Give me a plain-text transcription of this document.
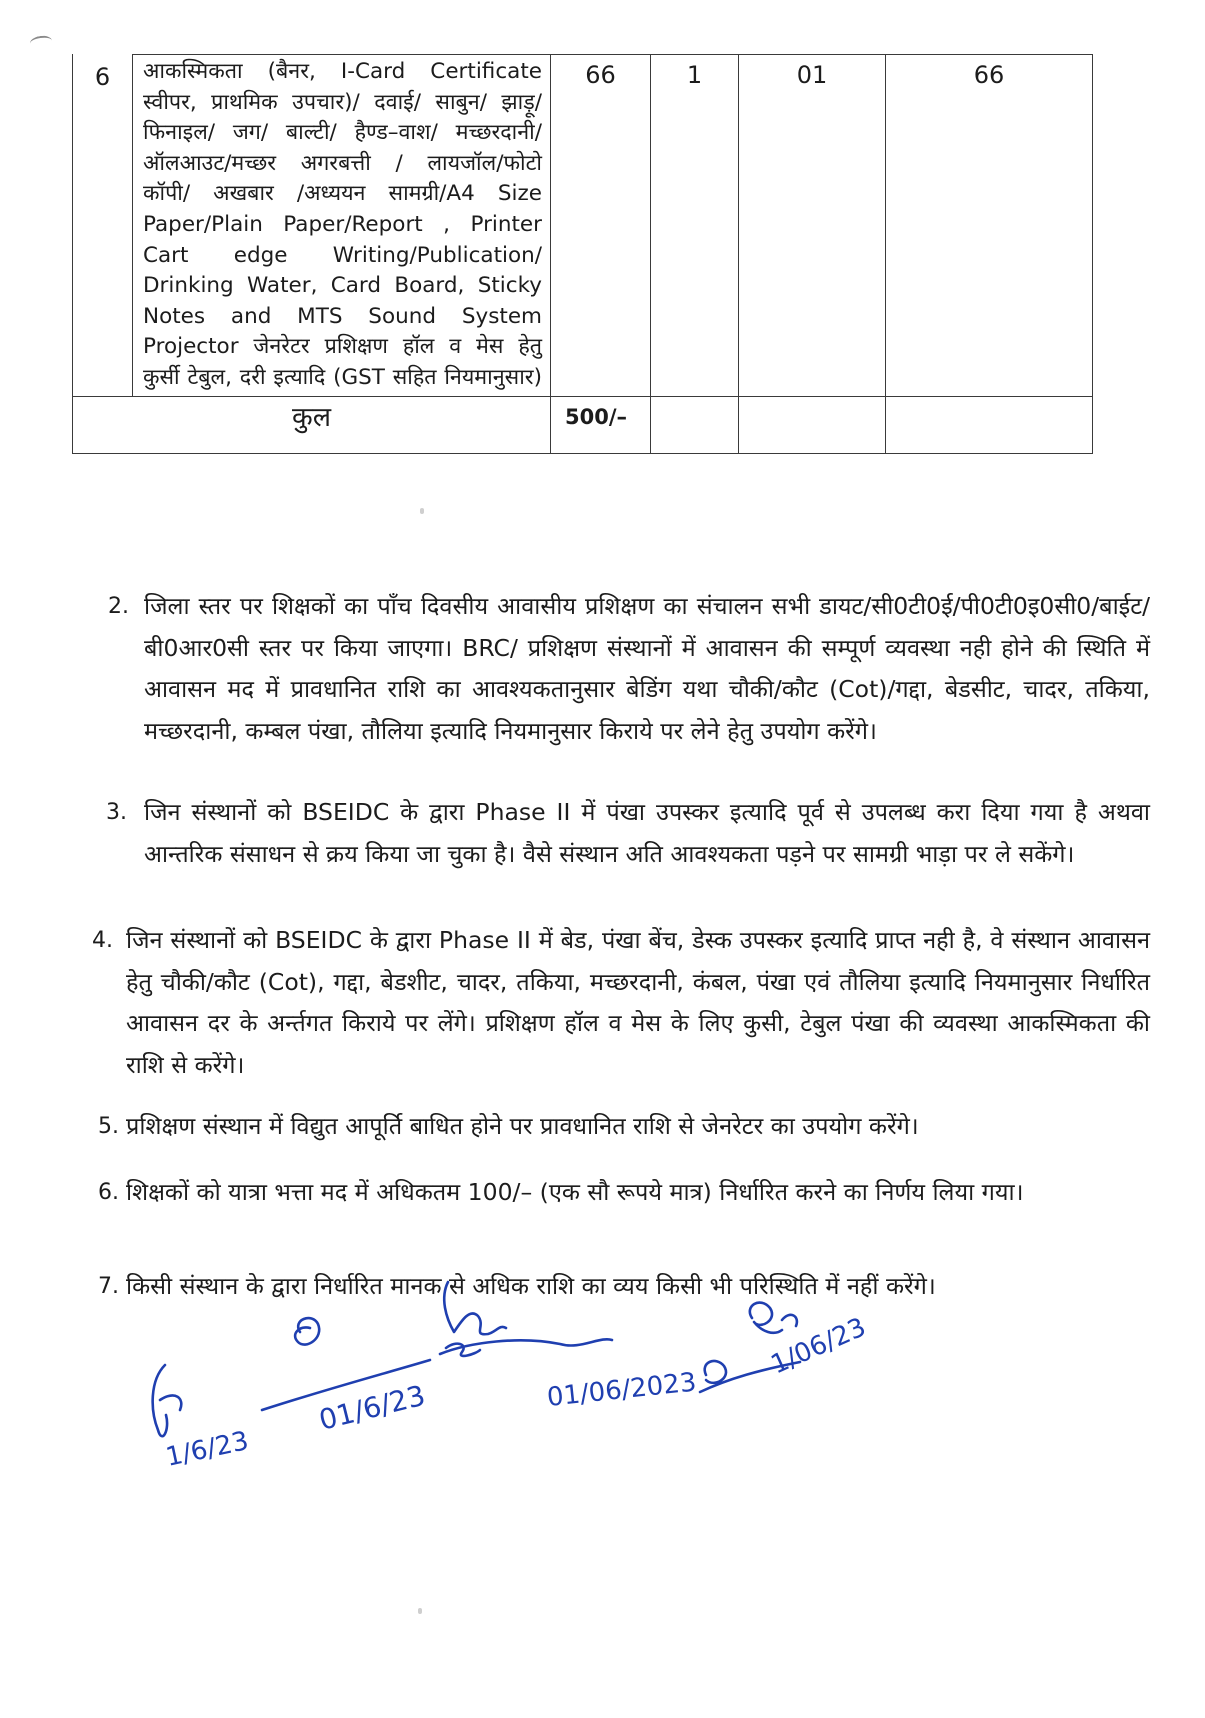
6	आकस्मिकता (बैनर, I-Card Certificate स्वीपर, प्राथमिक उपचार)/ दवाई/ साबुन/ झाड़ू/ फिनाइल/ जग/ बाल्टी/ हैण्ड–वाश/ मच्छरदानी/ ऑलआउट/मच्छर अगरबत्ती / लायजॉल/फोटो कॉपी/ अखबार /अध्ययन सामग्री/A4 Size Paper/Plain Paper/Report , Printer Cart edge Writing/Publication/ Drinking Water, Card Board, Sticky Notes and MTS Sound System Projector जेनरेटर प्रशिक्षण हॉल व मेस हेतु कुर्सी टेबुल, दरी इत्यादि (GST सहित नियमानुसार)	66	1	01	66
कुल		500/–			
2. जिला स्तर पर शिक्षकों का पाँच दिवसीय आवासीय प्रशिक्षण का संचालन सभी डायट/सी0टी0ई/पी0टी0इ0सी0/बाईट/बी0आर0सी स्तर पर किया जाएगा। BRC/ प्रशिक्षण संस्थानों में आवासन की सम्पूर्ण व्यवस्था नही होने की स्थिति में आवासन मद में प्रावधानित राशि का आवश्यकतानुसार बेडिंग यथा चौकी/कौट (Cot)/गद्दा, बेडसीट, चादर, तकिया, मच्छरदानी, कम्बल पंखा, तौलिया इत्यादि नियमानुसार किराये पर लेने हेतु उपयोग करेंगे।
3. जिन संस्थानों को BSEIDC के द्वारा Phase II में पंखा उपस्कर इत्यादि पूर्व से उपलब्ध करा दिया गया है अथवा आन्तरिक संसाधन से क्रय किया जा चुका है। वैसे संस्थान अति आवश्यकता पड़ने पर सामग्री भाड़ा पर ले सकेंगे।
4. जिन संस्थानों को BSEIDC के द्वारा Phase II में बेड, पंखा बेंच, डेस्क उपस्कर इत्यादि प्राप्त नही है, वे संस्थान आवासन हेतु चौकी/कौट (Cot), गद्दा, बेडशीट, चादर, तकिया, मच्छरदानी, कंबल, पंखा एवं तौलिया इत्यादि नियमानुसार निर्धारित आवासन दर के अर्न्तगत किराये पर लेंगे। प्रशिक्षण हॉल व मेस के लिए कुसी, टेबुल पंखा की व्यवस्था आकस्मिकता की राशि से करेंगे।
5. प्रशिक्षण संस्थान में विद्युत आपूर्ति बाधित होने पर प्रावधानित राशि से जेनरेटर का उपयोग करेंगे।
6. शिक्षकों को यात्रा भत्ता मद में अधिकतम 100/– (एक सौ रूपये मात्र) निर्धारित करने का निर्णय लिया गया।
7. किसी संस्थान के द्वारा निर्धारित मानक से अधिक राशि का व्यय किसी भी परिस्थिति में नहीं करेंगे।
1/6/23
01/6/23	01/06/2023
1/06/23
